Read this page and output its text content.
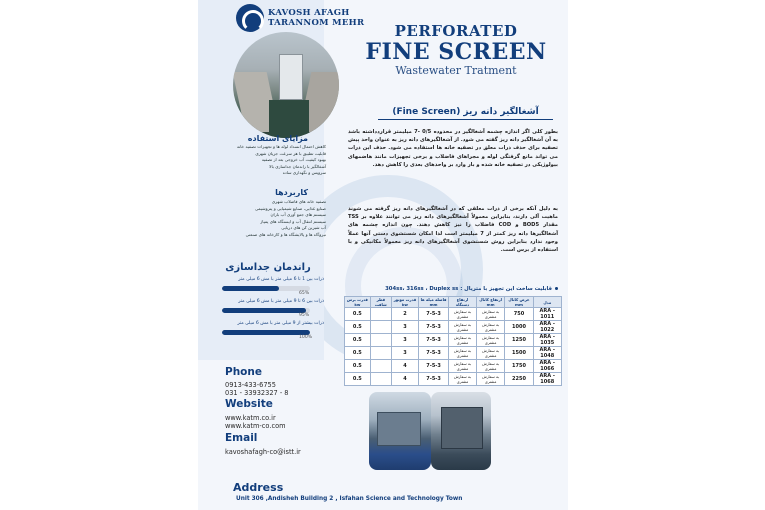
KAVOSH AFAGH
TARANNOM MEHR	PERFORATED
FINE SCREEN
Wastewater Tratment
آشغالگیر دانه ریز (Fine Screen)
مزایای استفاده
کاهش احتمال انسداد لوله ها و تجهیزات تصفیه خانه
قابلیت تطبیق با هر سرعت جریان شهری
بهبود کیفیت آب خروجی بعد از تصفیه
آشغالگیر با راندمان جداسازی بالا
سرویس و نگهداری ساده
کاربردها
تصفیه خانه های فاضلاب شهری
صنایع غذایی، صنایع شیمیایی و پتروشیمی
سیستم های جمع آوری آب باران
سیستم انتقال آب و ایستگاه های پمپاژ
آب شیرین کن های دریایی
نیروگاه ها و پالایشگاه ها و کارخانه های صنعتی
بطور کلی اگر اندازه چشمه آشغالگیر در محدوده 0/5 -7 میلیمتر قراردداشته باشد به آن آشغالگیر دانه ریز گفته می شود. از آشغالگیرهای دانه ریز به عنوان واحد پیش تصفیه برای حذف ذرات معلق در تصفیه خانه ها استفاده می شود. حذف این ذرات می تواند مانع گرفتگی لوله و مجراهای فاضلاب و برخی تجهیزات مانند هاضمهای بیولوژیکی در تصفیه خانه شده و بار وارد بر واحدهای بعدی را کاهش دهد.
به دلیل آنکه برخی از ذرات معلقی که در آشغالگیرهای دانه ریز گرفته می شوند ماهیت آلی دارند، بنابراین معمولاً آشغالگیرهای دانه ریز می توانند علاوه بر TSS مقدار BOD5 و COD فاضلاب را نیز کاهش دهند. چون اندازه چشمه های آشغالگیرها دانه ریز کمتر از 7 میلیمتر است لذا امکان شستشوی دستی آنها عملاً وجود ندارد بنابراین روش شستشوی آشغالگیرهای دانه ریز معمولاً مکانیکی و با استفاده از برس است.
راندمان جداسازی
ذرات بین 1 تا 6 میلی متر با مش 6 میلی متر
65%
ذرات بین 6 تا 9 میلی متر با مش 6 میلی متر
95%
ذرات بیشتر از 9 میلی متر با مش 6 میلی متر
100%
قابلیت ساخت این تجهیز با متریال : 304ss، 316ss ، Duplex ss
مدل	عرض کانال mm	ارتفاع کانال mm	ارتفاع دستگاه	فاصله میله ها mm	قدرت موتور kw	قطر شافت	قدرت برس kw
ARA - 1011	750	به سفارش مشتری	به سفارش مشتری	7-5-3	2		0.5
ARA - 1022	1000	به سفارش مشتری	به سفارش مشتری	7-5-3	3		0.5
ARA - 1035	1250	به سفارش مشتری	به سفارش مشتری	7-5-3	3		0.5
ARA - 1048	1500	به سفارش مشتری	به سفارش مشتری	7-5-3	3		0.5
ARA - 1066	1750	به سفارش مشتری	به سفارش مشتری	7-5-3	4		0.5
ARA - 1068	2250	به سفارش مشتری	به سفارش مشتری	7-5-3	4		0.5
Phone
0913-433-6755
031 - 33932327 - 8
Website
www.katm.co.ir
www.katm-co.com
Email
kavoshafagh-co@istt.ir
Address
Unit 306 ,Andisheh Building 2 , Isfahan Science and Technology Town
